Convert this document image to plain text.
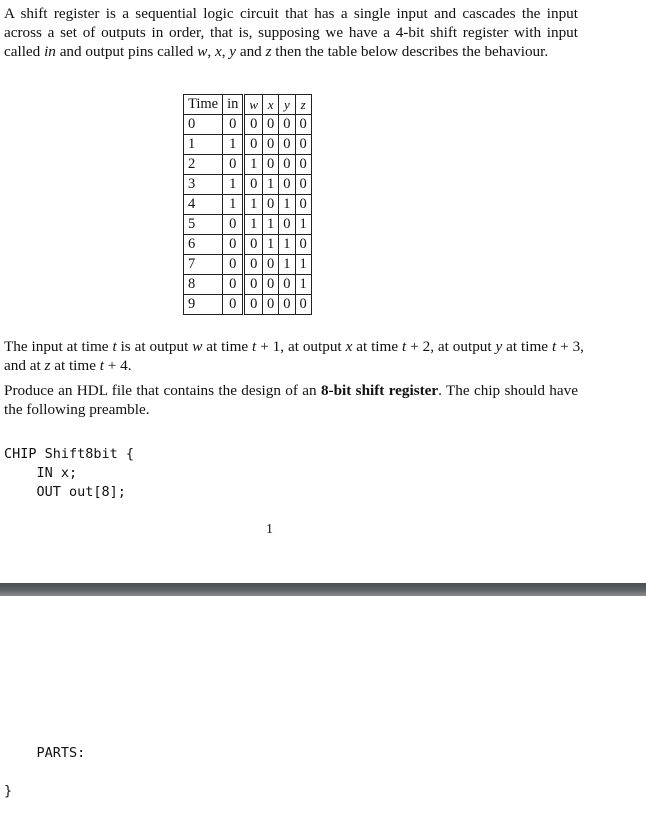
A shift register is a sequential logic circuit that has a single input and cascades the input across a set of outputs in order, that is, supposing we have a 4-bit shift register with input called in and output pins called w, x, y and z then the table below describes the behaviour.

Time	in	w	x	y	z
0	0	0	0	0	0
1	1	0	0	0	0
2	0	1	0	0	0
3	1	0	1	0	0
4	1	1	0	1	0
5	0	1	1	0	1
6	0	0	1	1	0
7	0	0	0	1	1
8	0	0	0	0	1
9	0	0	0	0	0

The input at time t is at output w at time t + 1, at output x at time t + 2, at output y at time t + 3, and at z at time t + 4.

Produce an HDL file that contains the design of an 8-bit shift register. The chip should have the following preamble.

CHIP Shift8bit {
IN x;
OUT out[8];
1
PARTS:
}
